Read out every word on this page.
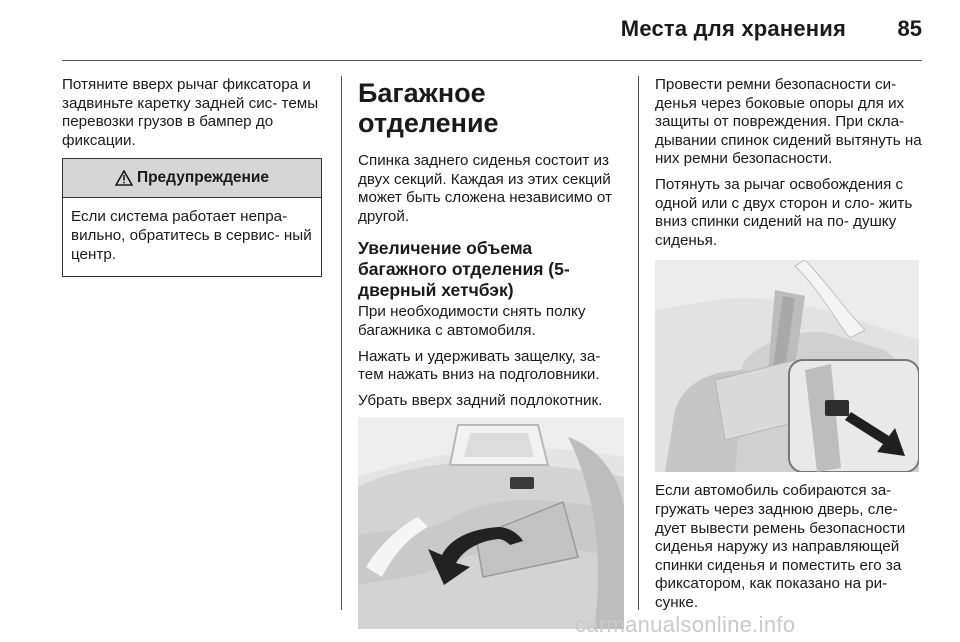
Места для хранения	85

Потяните вверх рычаг фиксатора и задвиньте каретку задней сис- темы перевозки грузов в бампер до фиксации.

Предупреждение
Если система работает непра- вильно, обратитесь в сервис- ный центр.
Багажное отделение

Спинка заднего сиденья состоит из двух секций. Каждая из этих секций может быть сложена независимо от другой.

Увеличение объема багажного отделения (5-дверный хетчбэк)

При необходимости снять полку багажника с автомобиля.

Нажать и удерживать защелку, за- тем нажать вниз на подголовники.

Убрать вверх задний подлокотник.

Провести ремни безопасности си- денья через боковые опоры для их защиты от повреждения. При скла- дывании спинок сидений вытянуть на них ремни безопасности.

Потянуть за рычаг освобождения с одной или с двух сторон и сло- жить вниз спинки сидений на по- душку сиденья.

Если автомобиль собираются за- гружать через заднюю дверь, сле- дует вывести ремень безопасности сиденья наружу из направляющей спинки сиденья и поместить его за фиксатором, как показано на ри- сунке.

carmanualsonline.info
